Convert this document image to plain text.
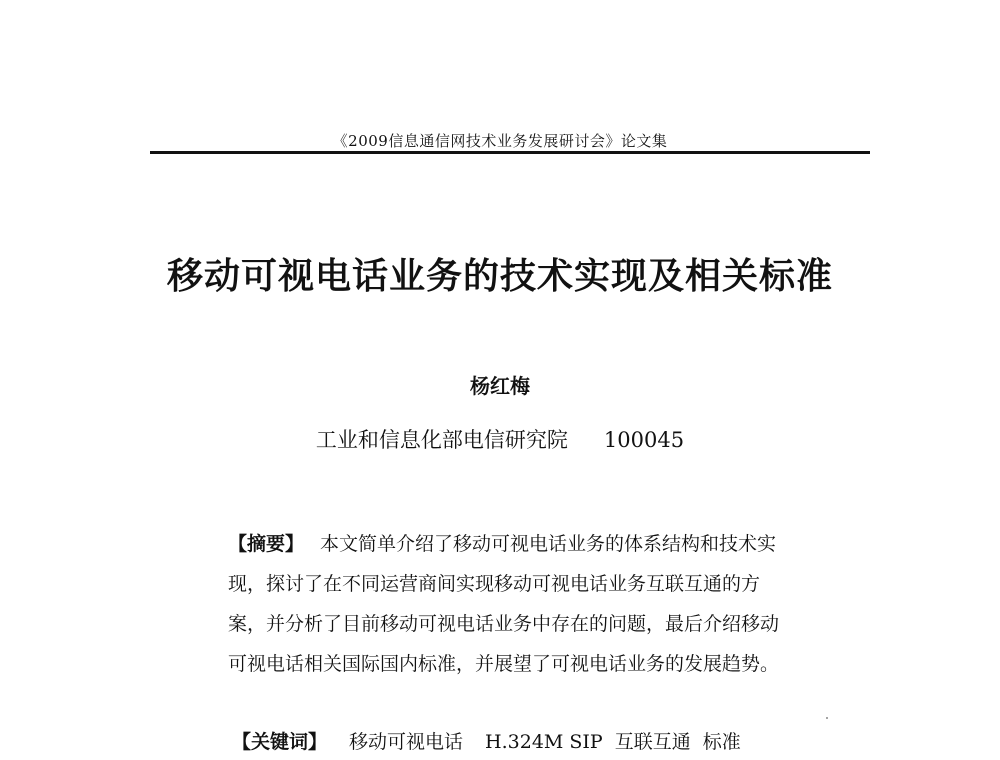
《2009信息通信网技术业务发展研讨会》论文集
移动可视电话业务的技术实现及相关标准
杨红梅
工业和信息化部电信研究院 100045
【摘要】 本文简单介绍了移动可视电话业务的体系结构和技术实现，探讨了在不同运营商间实现移动可视电话业务互联互通的方案，并分析了目前移动可视电话业务中存在的问题，最后介绍移动可视电话相关国际国内标准，并展望了可视电话业务的发展趋势。
【关键词】 移动可视电话 H.324M SIP 互联互通 标准
